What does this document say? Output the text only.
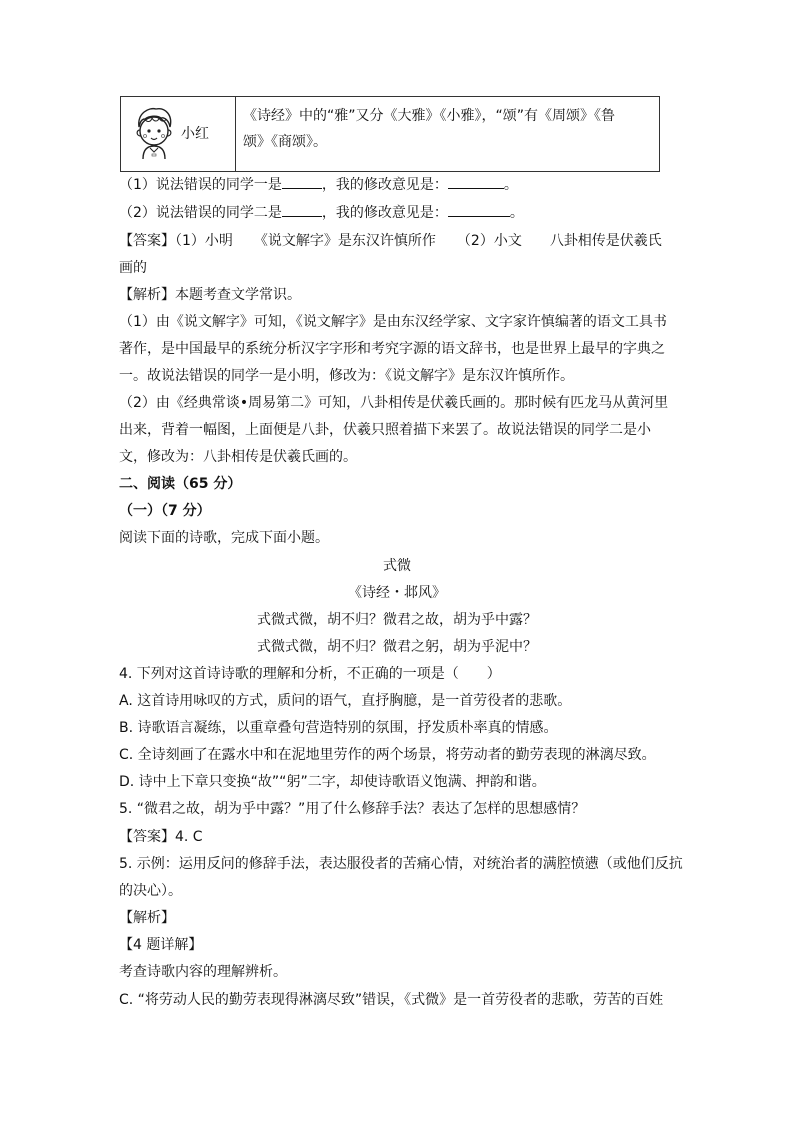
小红
《诗经》中的“雅”又分《大雅》《小雅》，“颂”有《周颂》《鲁
颂》《商颂》。
（1）说法错误的同学一是	，我的修改意见是：	。
（2）说法错误的同学二是	，我的修改意见是：	。
【答案】（1）小明　　《说文解字》是东汉许慎所作　　（2）小文　　八卦相传是伏羲氏
画的
【解析】本题考查文学常识。
（1）由《说文解字》可知，《说文解字》是由东汉经学家、文字家许慎编著的语文工具书
著作，是中国最早的系统分析汉字字形和考究字源的语文辞书，也是世界上最早的字典之
一。故说法错误的同学一是小明，修改为：《说文解字》是东汉许慎所作。
（2）由《经典常谈•周易第二》可知，八卦相传是伏羲氏画的。那时候有匹龙马从黄河里
出来，背着一幅图，上面便是八卦，伏羲只照着描下来罢了。故说法错误的同学二是小
文，修改为：八卦相传是伏羲氏画的。
二、阅读（65 分）
（一）（7 分）
阅读下面的诗歌，完成下面小题。
式微
《诗经・邶风》
式微式微，胡不归？微君之故，胡为乎中露？
式微式微，胡不归？微君之躬，胡为乎泥中？
4. 下列对这首诗诗歌的理解和分析，不正确的一项是（　　）
A. 这首诗用咏叹的方式，质问的语气，直抒胸臆，是一首劳役者的悲歌。
B. 诗歌语言凝练，以重章叠句营造特别的氛围，抒发质朴率真的情感。
C. 全诗刻画了在露水中和在泥地里劳作的两个场景，将劳动者的勤劳表现的淋漓尽致。
D. 诗中上下章只变换“故”“躬”二字，却使诗歌语义饱满、押韵和谐。
5. “微君之故，胡为乎中露？”用了什么修辞手法？表达了怎样的思想感情？
【答案】4. C
5. 示例：运用反问的修辞手法，表达服役者的苦痛心情，对统治者的满腔愤懑（或他们反抗
的决心）。
【解析】
【4 题详解】
考查诗歌内容的理解辨析。
C. “将劳动人民的勤劳表现得淋漓尽致”错误，《式微》是一首劳役者的悲歌，劳苦的百姓
